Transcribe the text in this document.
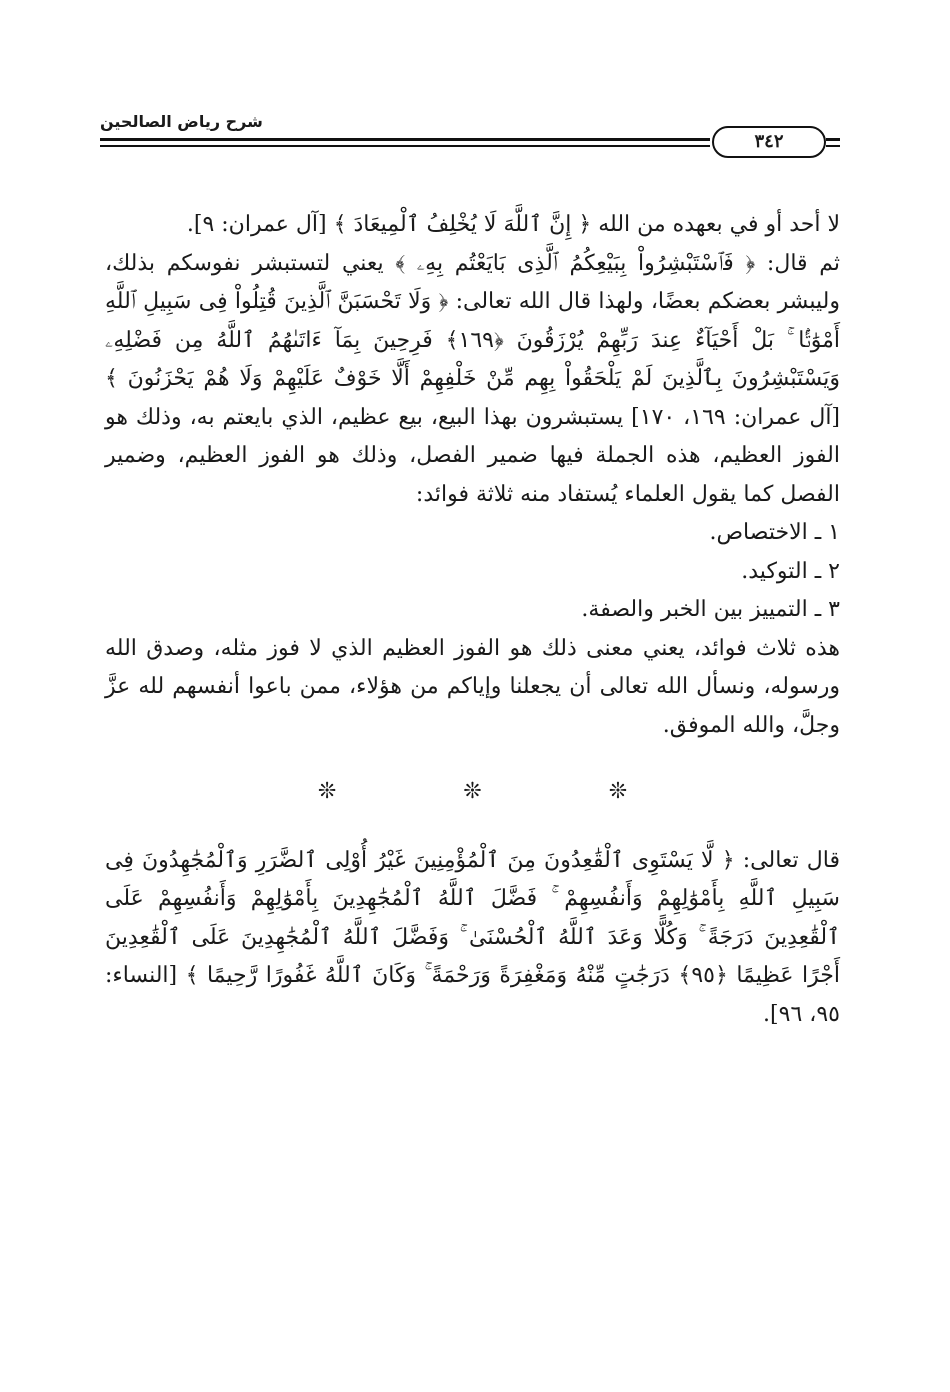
شرح رياض الصالحين
٣٤٢

لا أحد أو في بعهده من الله ﴿ إِنَّ ٱللَّهَ لَا يُخْلِفُ ٱلْمِيعَادَ ﴾ [آل عمران: ٩].

ثم قال: ﴿ فَٱسْتَبْشِرُواْ بِبَيْعِكُمُ ٱلَّذِى بَايَعْتُم بِهِۦ ﴾ يعني لتستبشر نفوسكم بذلك، وليبشر بعضكم بعضًا، ولهذا قال الله تعالى: ﴿ وَلَا تَحْسَبَنَّ ٱلَّذِينَ قُتِلُواْ فِى سَبِيلِ ٱللَّهِ أَمْوَٰتًۢا ۚ بَلْ أَحْيَآءٌ عِندَ رَبِّهِمْ يُرْزَقُونَ ﴿١٦٩﴾ فَرِحِينَ بِمَآ ءَاتَىٰهُمُ ٱللَّهُ مِن فَضْلِهِۦ وَيَسْتَبْشِرُونَ بِٱلَّذِينَ لَمْ يَلْحَقُواْ بِهِم مِّنْ خَلْفِهِمْ أَلَّا خَوْفٌ عَلَيْهِمْ وَلَا هُمْ يَحْزَنُونَ ﴾ [آل عمران: ١٦٩، ١٧٠] يستبشرون بهذا البيع، بيع عظيم، الذي بايعتم به، وذلك هو الفوز العظيم، هذه الجملة فيها ضمير الفصل، وذلك هو الفوز العظيم، وضمير الفصل كما يقول العلماء يُستفاد منه ثلاثة فوائد:

١ ـ الاختصاص.

٢ ـ التوكيد.

٣ ـ التمييز بين الخبر والصفة.

هذه ثلاث فوائد، يعني معنى ذلك هو الفوز العظيم الذي لا فوز مثله، وصدق الله ورسوله، ونسأل الله تعالى أن يجعلنا وإياكم من هؤلاء، ممن باعوا أنفسهم لله عزَّ وجلَّ، والله الموفق.

❊ ❊ ❊

قال تعالى: ﴿ لَّا يَسْتَوِى ٱلْقَٰعِدُونَ مِنَ ٱلْمُؤْمِنِينَ غَيْرُ أُوْلِى ٱلضَّرَرِ وَٱلْمُجَٰهِدُونَ فِى سَبِيلِ ٱللَّهِ بِأَمْوَٰلِهِمْ وَأَنفُسِهِمْ ۚ فَضَّلَ ٱللَّهُ ٱلْمُجَٰهِدِينَ بِأَمْوَٰلِهِمْ وَأَنفُسِهِمْ عَلَى ٱلْقَٰعِدِينَ دَرَجَةً ۚ وَكُلًّا وَعَدَ ٱللَّهُ ٱلْحُسْنَىٰ ۚ وَفَضَّلَ ٱللَّهُ ٱلْمُجَٰهِدِينَ عَلَى ٱلْقَٰعِدِينَ أَجْرًا عَظِيمًا ﴿٩٥﴾ دَرَجَٰتٍ مِّنْهُ وَمَغْفِرَةً وَرَحْمَةً ۚ وَكَانَ ٱللَّهُ غَفُورًا رَّحِيمًا ﴾ [النساء: ٩٥، ٩٦].
